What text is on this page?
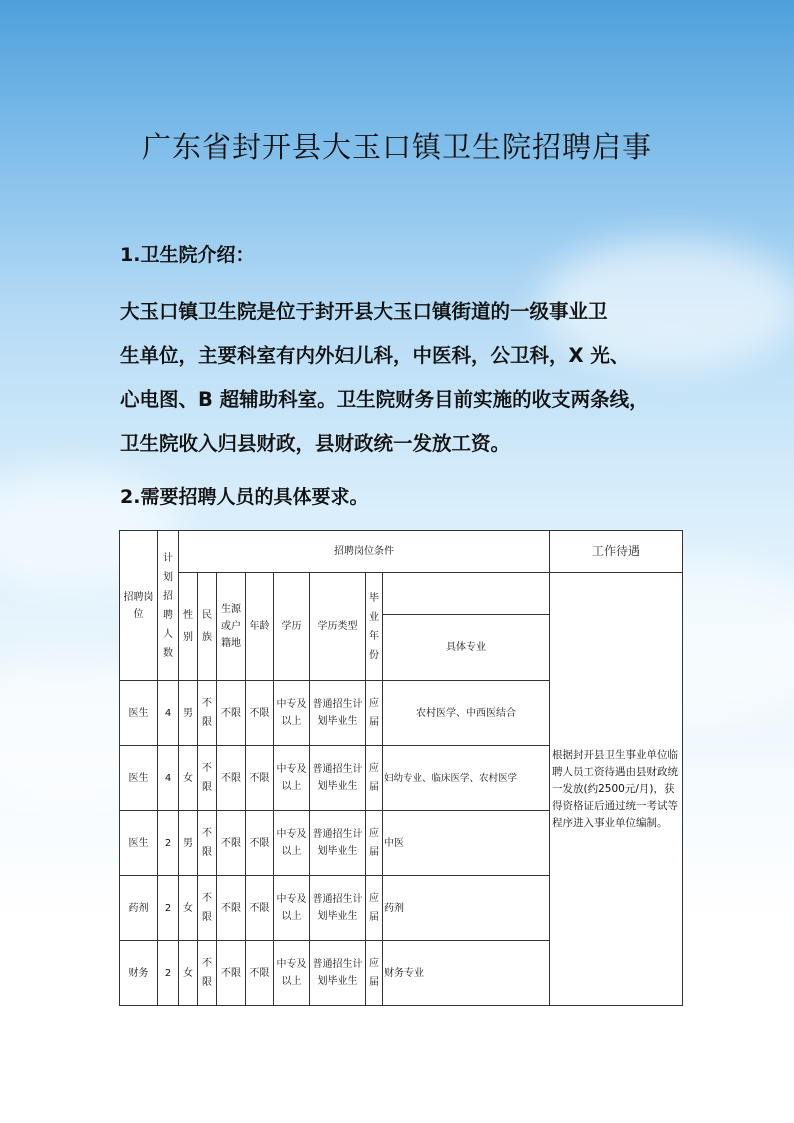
广东省封开县大玉口镇卫生院招聘启事
1.卫生院介绍：
大玉口镇卫生院是位于封开县大玉口镇街道的一级事业卫
生单位，主要科室有内外妇儿科，中医科，公卫科，X 光、
心电图、B 超辅助科室。卫生院财务目前实施的收支两条线，
卫生院收入归县财政，县财政统一发放工资。
2.需要招聘人员的具体要求。
招聘岗位	计划招聘人数	招聘岗位条件								工作待遇
		性别	民族	生源或户籍地	年龄	学历	学历类型	毕业年份		根据封开县卫生事业单位临聘人员工资待遇由县财政统一发放(约2500元/月)，获得资格证后通过统一考试等程序进入事业单位编制。
									具体专业	
医生	4	男	不限	不限	不限	中专及以上	普通招生计划毕业生	应届	农村医学、中西医结合	
医生	4	女	不限	不限	不限	中专及以上	普通招生计划毕业生	应届	妇幼专业、临床医学、农村医学	
医生	2	男	不限	不限	不限	中专及以上	普通招生计划毕业生	应届	中医	
药剂	2	女	不限	不限	不限	中专及以上	普通招生计划毕业生	应届	药剂	
财务	2	女	不限	不限	不限	中专及以上	普通招生计划毕业生	应届	财务专业	
